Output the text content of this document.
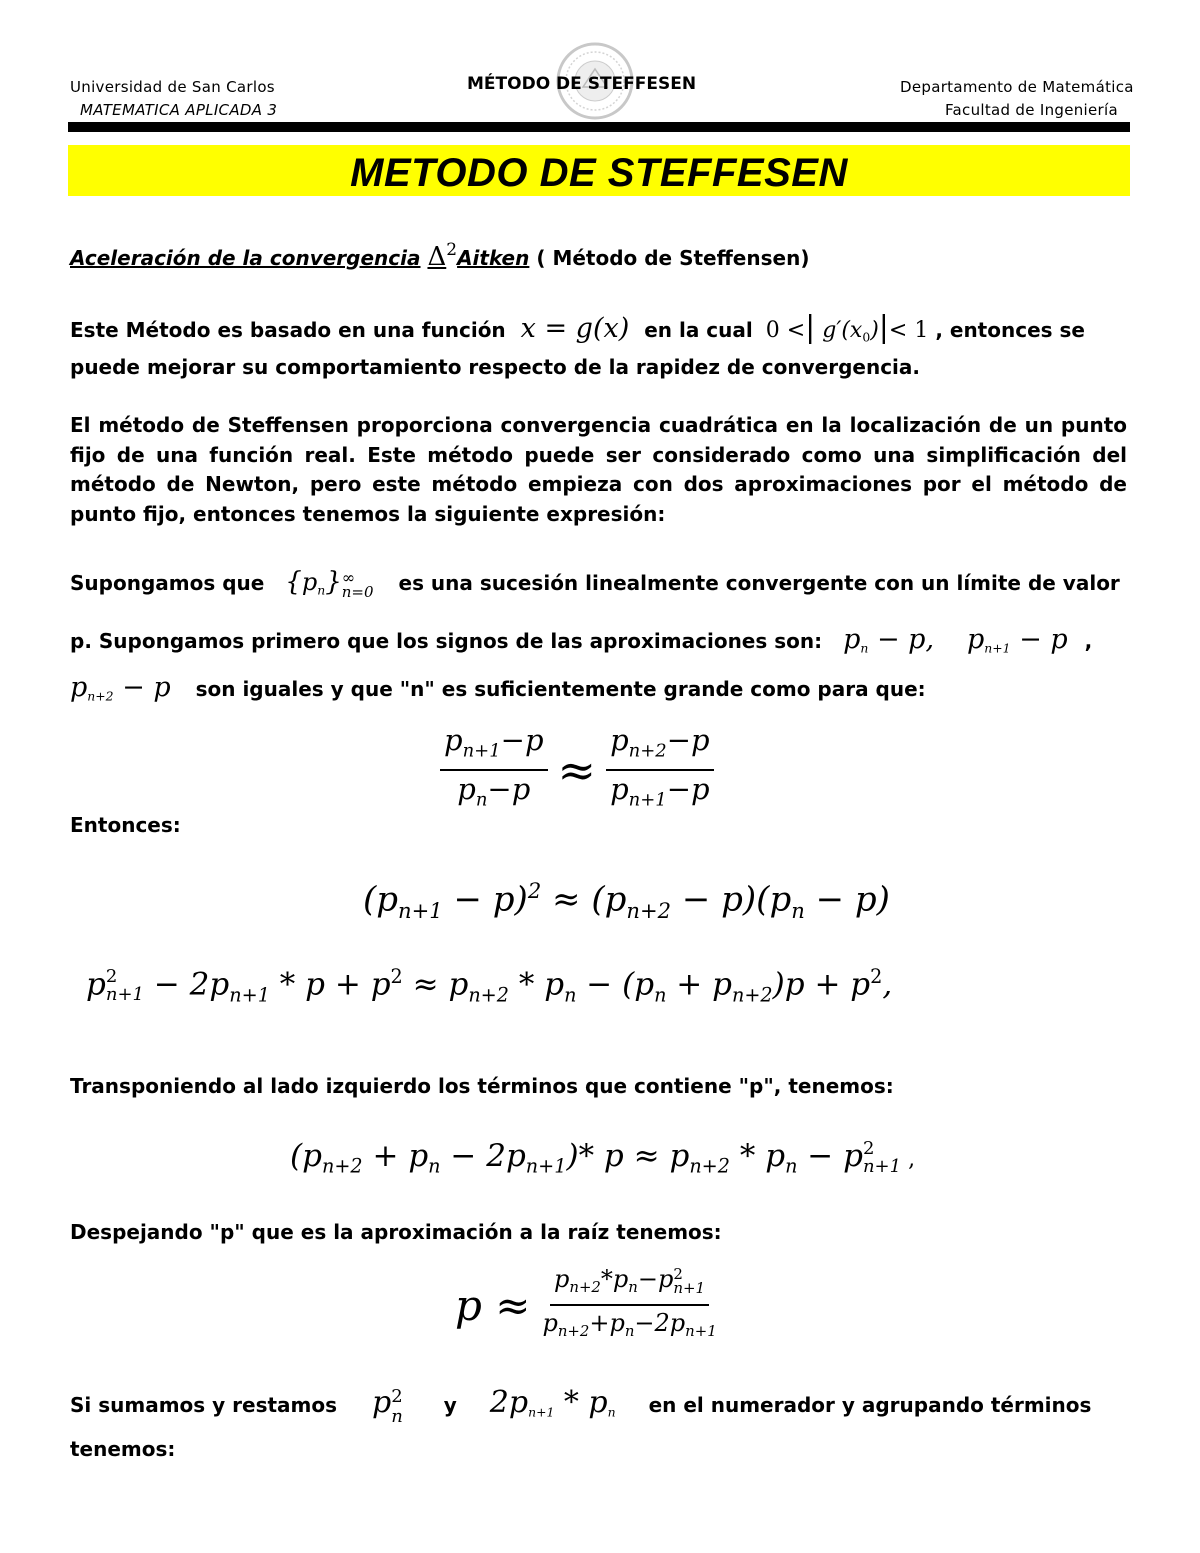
Universidad de San Carlos
MATEMATICA APLICADA 3
MÉTODO DE STEFFESEN	Departamento de Matemática
Facultad de Ingeniería
METODO DE STEFFESEN
Aceleración de la convergencia $\Delta^2Aitken$ ( Método de Steffensen)
Este Método es basado en una función x = g(x) en la cual 0 <| $g'(x_0)|< 1$ , entonces se
puede mejorar su comportamiento respecto de la rapidez de convergencia.
El método de Steffensen proporciona convergencia cuadrática en la localización de un punto fijo de una función real. Este método puede ser considerado como una simplificación del método de Newton, pero este método empieza con dos aproximaciones por el método de punto fijo, entonces tenemos la siguiente expresión:
Supongamos que $\{p_n\}$ ∞
n=0 es una sucesión linealmente convergente con un límite de valor
p. Supongamos primero que los signos de las aproximaciones son: $p_n - p$, $p_{n+1} - p$ ,
$p_{n+2} - p$ son iguales y que "n" es suficientemente grande como para que:
$\frac{p_{n+1}-p}{p_n-p} \approx \frac{p_{n+2}-p}{p_{n+1}-p}$
Entonces:
$(p_{n+1} - p)^2 \approx (p_{n+2} - p)(p_n - p)$
p 2
$n+1 - 2p_{n+1} * p + p^2 \approx p_{n+2} * p_n - (p_n + p_{n+2})p + p^2$,
Transponiendo al lado izquierdo los términos que contiene "p", tenemos:
$(p_{n+2} + p_n - 2p_{n+1})*$ $p \approx p_{n+2} * p_n - p$ 2
n+1 ,
Despejando "p" que es la aproximación a la raíz tenemos:
$p \approx p_{n+2}*p_n-p$ 2
n+1
$p_{n+2}+p_n-2p_{n+1}$
Si sumamos y restamos p 2
n y $2p_{n+1} * p_n$ en el numerador y agrupando términos
tenemos:
